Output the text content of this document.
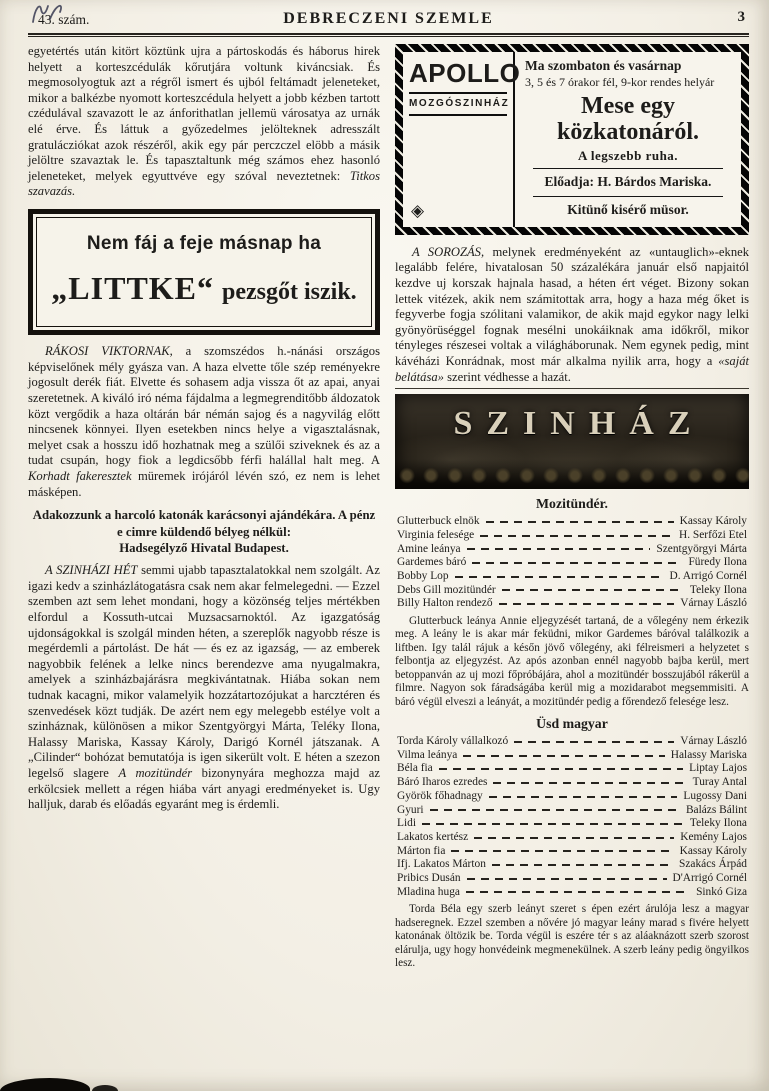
43. szám.	DEBRECZENI SZEMLE	3

egyetértés után kitört köztünk ujra a pártoskodás és háborus hirek helyett a korteszcédulák kőrutjára voltunk kiváncsiak. És megmosolyogtuk azt a régről ismert és ujból feltámadt jeleneteket, mikor a balkézbe nyomott korteszcédula helyett a jobb kézben tartott czédulával szavazott le az ánforithatlan jellemü városatya az urnák elé érve. És láttuk a győzedelmes jelölteknek adresszált gratulácziókat azok részéről, akik egy pár perczczel elöbb a másik jelöltre szavaztak le. És tapasztaltunk még számos ehez hasonló jeleneteket, melyek egyuttvéve egy szóval neveztetnek: Titkos szavazás.

Nem fáj a feje másnap ha
„LITTKE“ pezsgőt iszik.

RÁKOSI VIKTORNAK, a szomszédos h.-nánási országos képviselőnek mély gyásza van. A haza elvette tőle szép reményekre jogosult derék fiát. Elvette és sohasem adja vissza őt az apai, anyai szeretetnek. A kiváló iró néma fájdalma a legmegrenditőbb áldozatok közt vergődik a haza oltárán bár némán sajog és a nagyvilág előtt nincsenek könnyei. Ilyen esetekben nincs helye a vigasztalásnak, melyet csak a hosszu idő hozhatnak meg a szülői sziveknek és az a tudat csupán, hogy fiok a legdicsőbb férfi halállal halt meg. A Korhadt fakeresztek müremek irójáról lévén szó, ez nem is lehet másképen.

Adakozzunk a harcoló katonák karácsonyi ajándékára. A pénz e cimre küldendő bélyeg nélkül:
Hadsegélyző Hivatal Budapest.

A SZINHÁZI HÉT semmi ujabb tapasztalatokkal nem szolgált. Az igazi kedv a szinházlátogatásra csak nem akar felmelegedni. — Ezzel szemben azt sem lehet mondani, hogy a közönség teljes mértékben elfordul a Kossuth-utcai Muzsacsarnoktól. Az igazgatóság ujdonságokkal is szolgál minden héten, a szereplők nagyobb része is megérdemli a pártolást. De hát — és ez az igazság, — az emberek nagyobbik felének a lelke nincs berendezve ama nyugalmakra, amelyek a szinházbajárásra megkivántatnak. Hiába sokan nem tudnak kacagni, mikor valamelyik hozzátartozójukat a harcztéren és szenvedések közt tudják. De azért nem egy melegebb estélye volt a szinháznak, különösen a mikor Szentgyörgyi Márta, Teléky Ilona, Halassy Mariska, Kassay Károly, Darigó Kornél játszanak. A „Cilinder“ bohózat bemutatója is igen sikerült volt. E héten a szezon legelső slagere A mozitündér bizonynyára meghozza majd az erkölcsiek mellett a régen hiába várt anyagi eredményeket is. Ugy halljuk, darab és előadás egyaránt meg is érdemli.

APOLLO
MOZGÓSZINHÁZ
◈
Ma szombaton és vasárnap
3, 5 és 7 órakor fél, 9-kor rendes helyár
Mese egy
közkatonáról.
A legszebb ruha.
Előadja: H. Bárdos Mariska.
Kitünő kisérő müsor.

A SOROZÁS, melynek eredményeként az «untauglich»-eknek legalább felére, hivatalosan 50 százalékára január első napjaitól kezdve uj korszak hajnala hasad, a héten ért véget. Bizony sokan lettek vitézek, akik nem számitottak arra, hogy a haza még őket is fegyverbe fogja szólitani valamikor, de akik majd egykor nagy lelki gyönyörüséggel fognak mesélni unokáiknak ama időkről, mikor tényleges részesei voltak a világháborunak. Nem egynek pedig, mint kávéházi Konrádnak, most már alkalma nyilik arra, hogy a «saját belátása» szerint védhesse a hazát.

SZINHÁZ
Mozitündér.
Glutterbuck elnök	Kassay Károly
Virginia felesége	H. Serfőzi Etel
Amine leánya	Szentgyörgyi Márta
Gardemes báró	Füredy Ilona
Bobby Lop	D. Arrigó Cornél
Debs Gill mozitündér	Teleky Ilona
Billy Halton rendező	Várnay László

Glutterbuck leánya Annie eljegyzését tartaná, de a vőlegény nem érkezik meg. A leány le is akar már feküdni, mikor Gardemes báróval találkozik a liftben. Igy talál rájuk a későn jövő vőlegény, aki félreismeri a helyzetet s felbontja az eljegyzést. Az após azonban ennél nagyobb bajba kerül, mert betoppanván az uj mozi főpróbájára, ahol a mozitündér bosszujából rákerül a filmre. Nagyon sok fáradságába kerül mig a mozidarabot megsemmisiti. A báró végül elveszi a leányát, a mozitündér pedig a főrendező felesége lesz.

Üsd magyar
Torda Károly vállalkozó	Várnay László
Vilma leánya	Halassy Mariska
Béla fia	Liptay Lajos
Báró Iharos ezredes	Turay Antal
Györök főhadnagy	Lugossy Dani
Gyuri	Balázs Bálint
Lidi	Teleky Ilona
Lakatos kertész	Kemény Lajos
Márton fia	Kassay Károly
Ifj. Lakatos Márton	Szakács Árpád
Pribics Dusán	D'Arrigó Cornél
Mladina huga	Sinkó Giza

Torda Béla egy szerb leányt szeret s épen ezért árulója lesz a magyar hadseregnek. Ezzel szemben a nővére jó magyar leány marad s fivére helyett katonának öltözik be. Torda végül is eszére tér s az aláaknázott szerb szorost elárulja, ugy hogy honvédeink megmenekülnek. A szerb leány pedig öngyilkos lesz.
